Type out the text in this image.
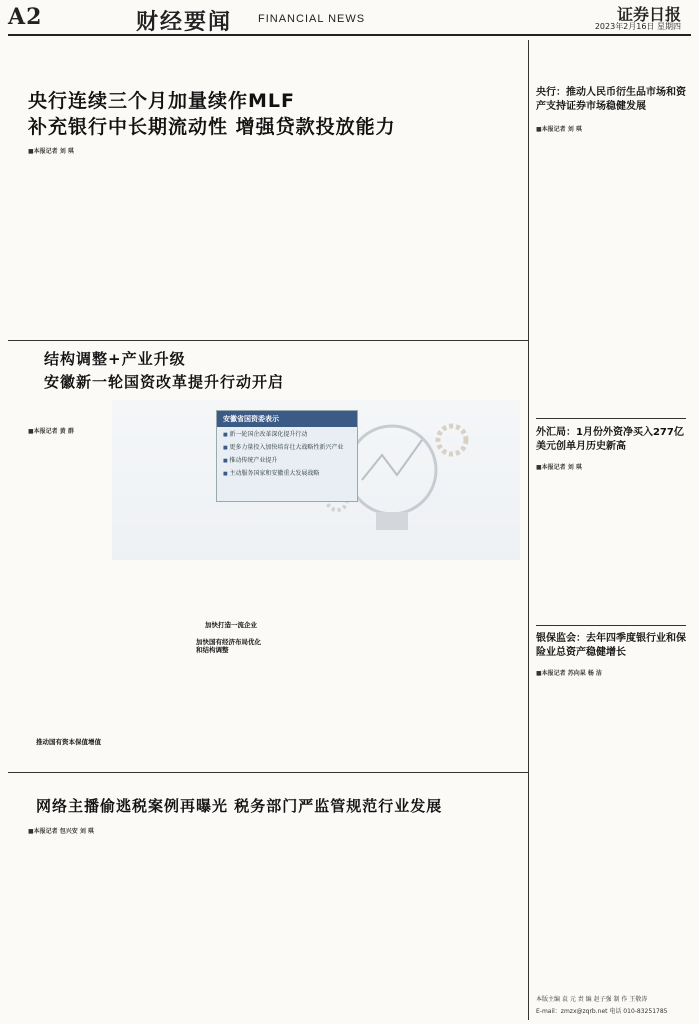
A2	财经要闻 FINANCIAL NEWS	证券日报
2023年2月16日 星期四
央行连续三个月加量续作MLF
补充银行中长期流动性 增强贷款投放能力
■本报记者 刘 琪

结构调整+产业升级
安徽新一轮国资改革提升行动开启
■本报记者 黄 群

安徽省国资委表示
■ 新一轮国企改革深化提升行动
■ 更多力量投入加快培育壮大战略性新兴产业
■ 推动传统产业提升
■ 主动服务国家和安徽重大发展战略

推动国有资本保值增值
加快打造一流企业
加快国有经济布局优化和结构调整
网络主播偷逃税案例再曝光 税务部门严监管规范行业发展
■本报记者 包兴安 刘 琪

央行：推动人民币衍生品市场和资产支持证券市场稳健发展
■本报记者 刘 琪

外汇局：1月份外资净买入277亿美元创单月历史新高
■本报记者 刘 琪

银保监会：去年四季度银行业和保险业总资产稳健增长
■本报记者 苏向杲 杨 洁

本版主编 袁 元 责 编 赵子强 制 作 王敬涛
E-mail：zmzx@zqrb.net 电话 010-83251785
